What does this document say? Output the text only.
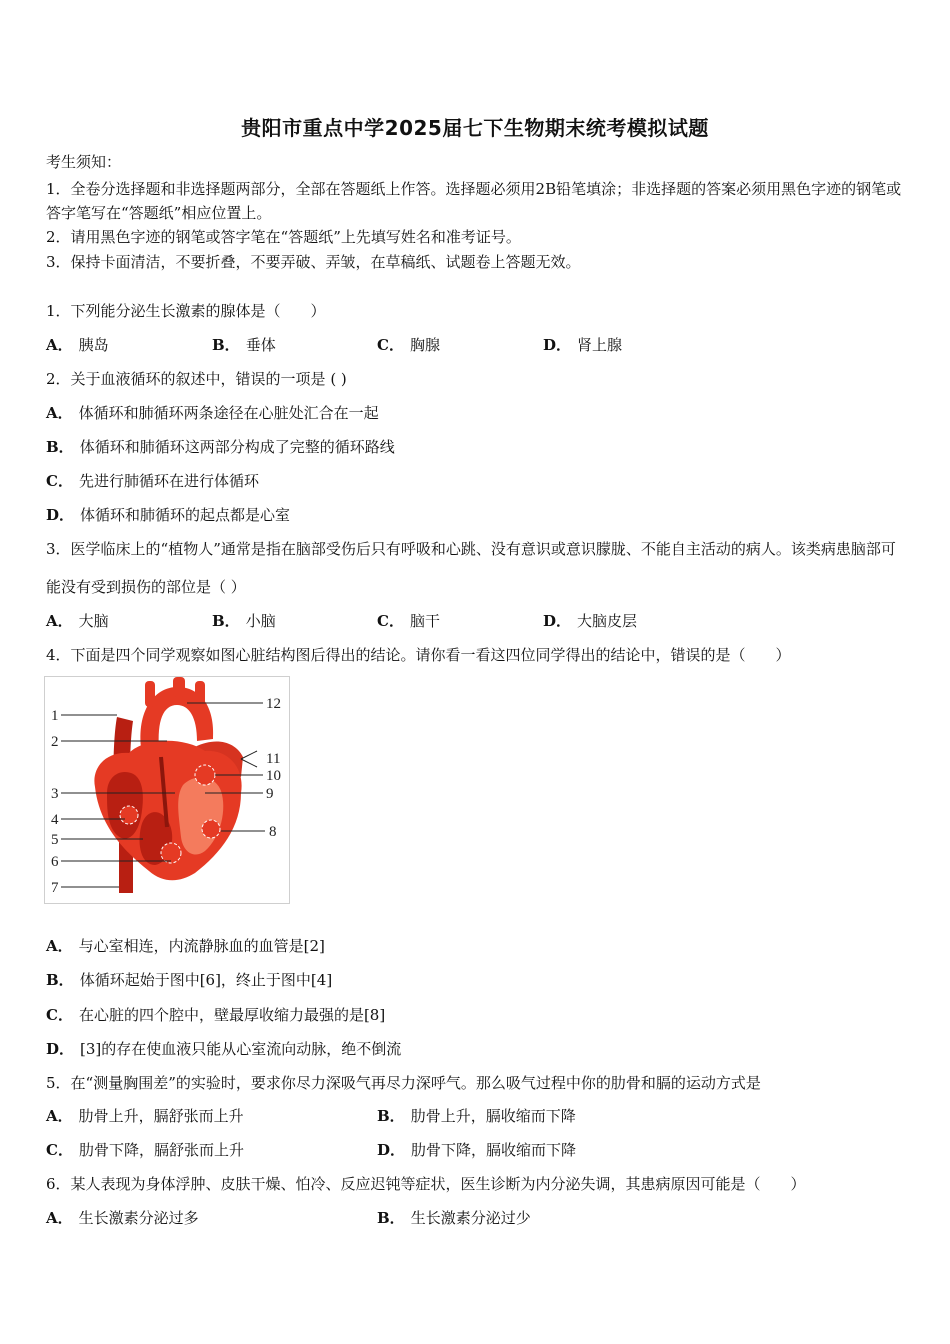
贵阳市重点中学2025届七下生物期末统考模拟试题
考生须知：
1．全卷分选择题和非选择题两部分，全部在答题纸上作答。选择题必须用2B铅笔填涂；非选择题的答案必须用黑色字迹的钢笔或答字笔写在“答题纸”相应位置上。
2．请用黑色字迹的钢笔或答字笔在“答题纸”上先填写姓名和准考证号。
3．保持卡面清洁，不要折叠，不要弄破、弄皱，在草稿纸、试题卷上答题无效。
1．下列能分泌生长激素的腺体是（　　）
A． 胰岛	B． 垂体	C． 胸腺	D． 肾上腺
2．关于血液循环的叙述中，错误的一项是 ( )
A． 体循环和肺循环两条途径在心脏处汇合在一起
B． 体循环和肺循环这两部分构成了完整的循环路线
C． 先进行肺循环在进行体循环
D． 体循环和肺循环的起点都是心室
3．医学临床上的“植物人”通常是指在脑部受伤后只有呼吸和心跳、没有意识或意识朦胧、不能自主活动的病人。该类病患脑部可能没有受到损伤的部位是（ ）
A． 大脑	B． 小脑	C． 脑干	D． 大脑皮层
4．下面是四个同学观察如图心脏结构图后得出的结论。请你看一看这四位同学得出的结论中，错误的是（　　）
1
2
3
4
5
6
7
8
9
10
11
12
A． 与心室相连，内流静脉血的血管是[2]
B． 体循环起始于图中[6]，终止于图中[4]
C． 在心脏的四个腔中，壁最厚收缩力最强的是[8]
D． [3]的存在使血液只能从心室流向动脉，绝不倒流
5．在“测量胸围差”的实验时，要求你尽力深吸气再尽力深呼气。那么吸气过程中你的肋骨和膈的运动方式是
A． 肋骨上升，膈舒张而上升	B． 肋骨上升，膈收缩而下降
C． 肋骨下降，膈舒张而上升	D． 肋骨下降，膈收缩而下降
6．某人表现为身体浮肿、皮肤干燥、怕冷、反应迟钝等症状，医生诊断为内分泌失调，其患病原因可能是（　　）
A． 生长激素分泌过多	B． 生长激素分泌过少
